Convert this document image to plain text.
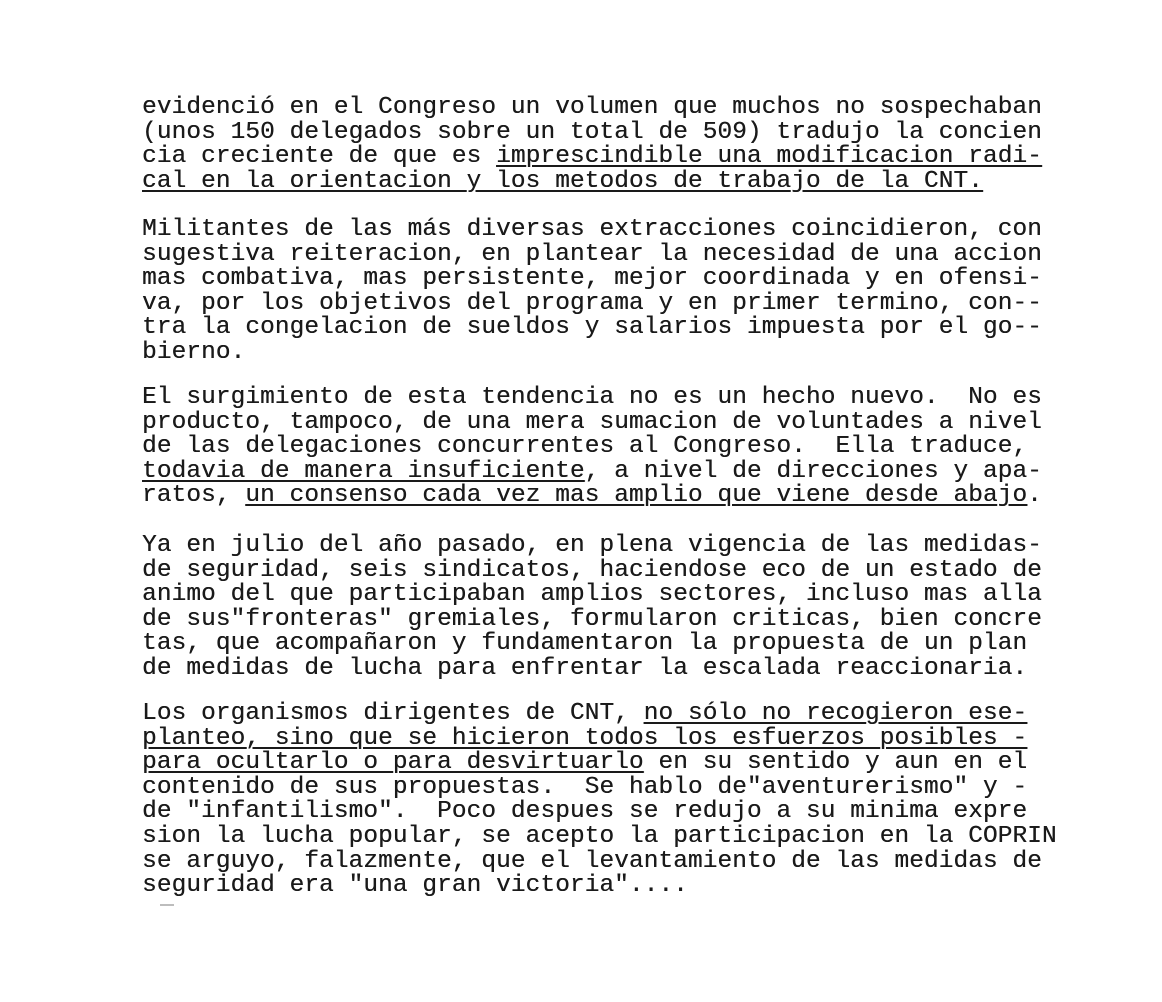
evidenció en el Congreso un volumen que muchos no sospechaban
(unos 150 delegados sobre un total de 509) tradujo la concien
cia creciente de que es imprescindible una modificacion radi-
cal en la orientacion y los metodos de trabajo de la CNT.
Militantes de las más diversas extracciones coincidieron, con
sugestiva reiteracion, en plantear la necesidad de una accion
mas combativa, mas persistente, mejor coordinada y en ofensi-
va, por los objetivos del programa y en primer termino, con--
tra la congelacion de sueldos y salarios impuesta por el go--
bierno.
El surgimiento de esta tendencia no es un hecho nuevo.  No es
producto, tampoco, de una mera sumacion de voluntades a nivel
de las delegaciones concurrentes al Congreso.  Ella traduce,
todavia de manera insuficiente, a nivel de direcciones y apa-
ratos, un consenso cada vez mas amplio que viene desde abajo.
Ya en julio del año pasado, en plena vigencia de las medidas-
de seguridad, seis sindicatos, haciendose eco de un estado de
animo del que participaban amplios sectores, incluso mas alla
de sus"fronteras" gremiales, formularon criticas, bien concre
tas, que acompañaron y fundamentaron la propuesta de un plan
de medidas de lucha para enfrentar la escalada reaccionaria.
Los organismos dirigentes de CNT, no sólo no recogieron ese-
planteo, sino que se hicieron todos los esfuerzos posibles -
para ocultarlo o para desvirtuarlo en su sentido y aun en el
contenido de sus propuestas.  Se hablo de"aventurerismo" y -
de "infantilismo".  Poco despues se redujo a su minima expre
sion la lucha popular, se acepto la participacion en la COPRIN
se arguyo, falazmente, que el levantamiento de las medidas de
seguridad era "una gran victoria"....
